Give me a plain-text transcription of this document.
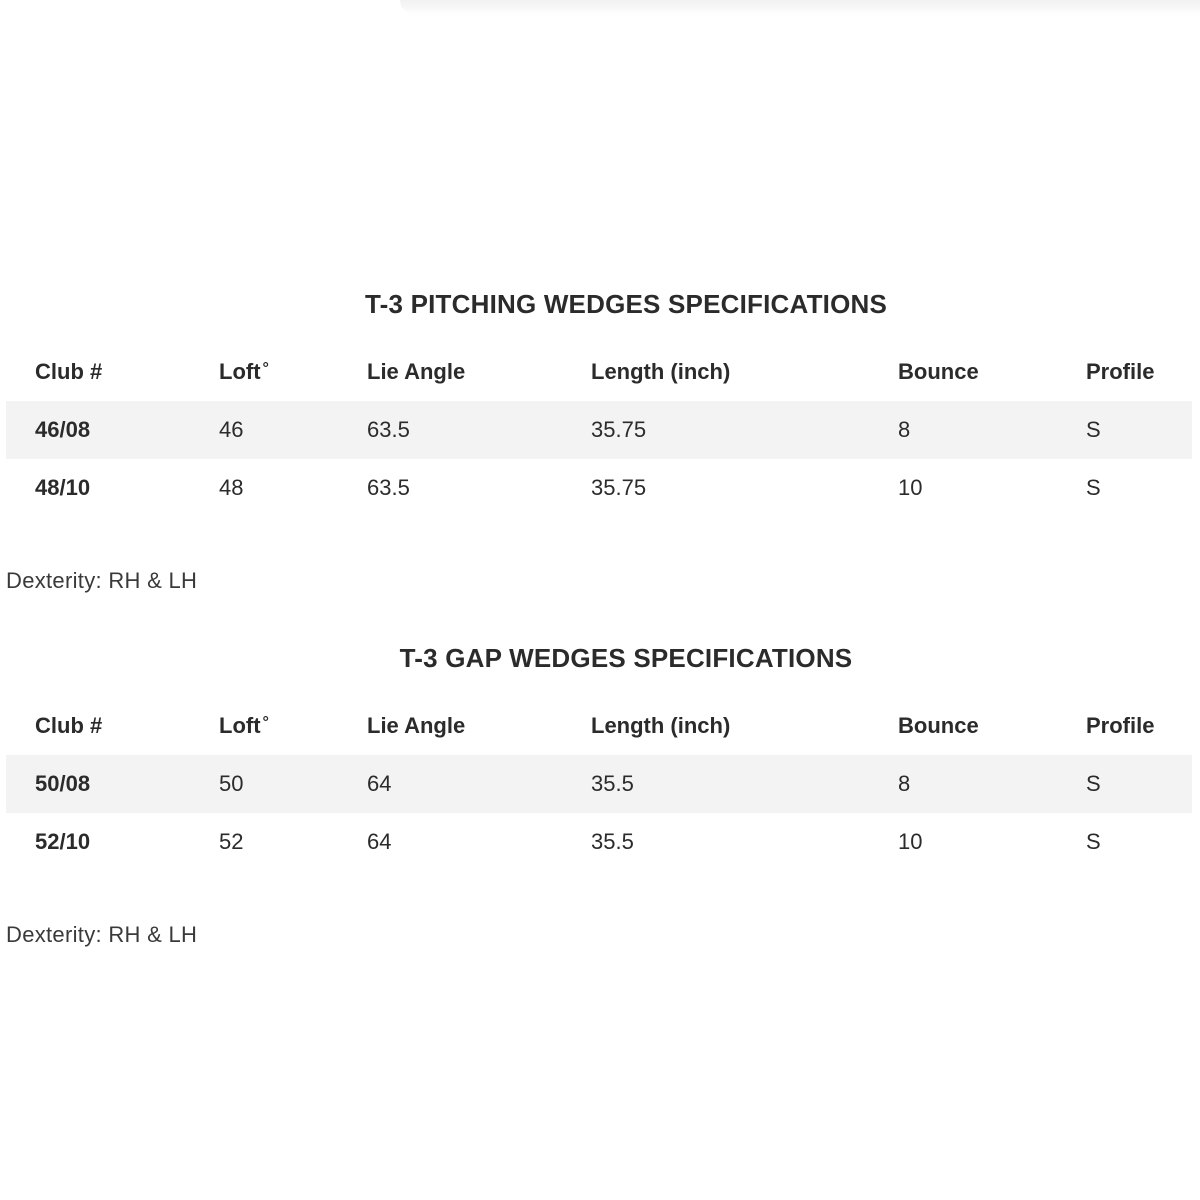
T-3 PITCHING WEDGES SPECIFICATIONS
Club #	Loft °	Lie Angle	Length (inch)	Bounce	Profile
46/08	46	63.5	35.75	8	S
48/10	48	63.5	35.75	10	S

Dexterity: RH & LH

T-3 GAP WEDGES SPECIFICATIONS
Club #	Loft °	Lie Angle	Length (inch)	Bounce	Profile
50/08	50	64	35.5	8	S
52/10	52	64	35.5	10	S

Dexterity: RH & LH
